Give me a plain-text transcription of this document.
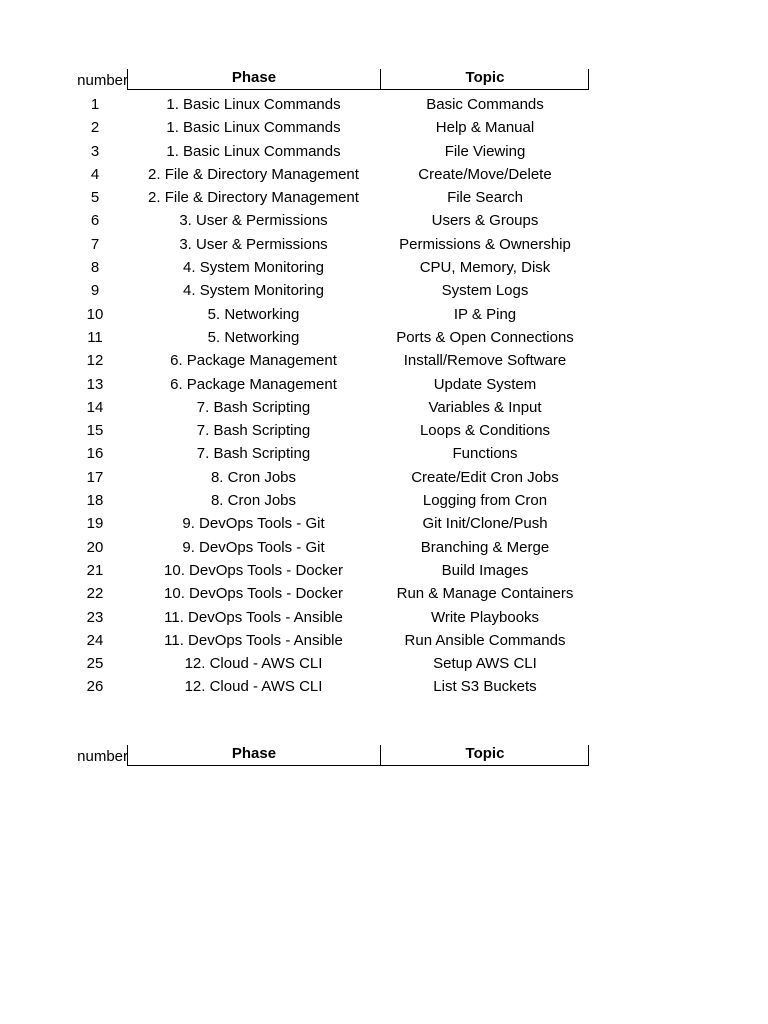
number	Phase	Topic
1	1. Basic Linux Commands	Basic Commands
2	1. Basic Linux Commands	Help & Manual
3	1. Basic Linux Commands	File Viewing
4	2. File & Directory Management	Create/Move/Delete
5	2. File & Directory Management	File Search
6	3. User & Permissions	Users & Groups
7	3. User & Permissions	Permissions & Ownership
8	4. System Monitoring	CPU, Memory, Disk
9	4. System Monitoring	System Logs
10	5. Networking	IP & Ping
11	5. Networking	Ports & Open Connections
12	6. Package Management	Install/Remove Software
13	6. Package Management	Update System
14	7. Bash Scripting	Variables & Input
15	7. Bash Scripting	Loops & Conditions
16	7. Bash Scripting	Functions
17	8. Cron Jobs	Create/Edit Cron Jobs
18	8. Cron Jobs	Logging from Cron
19	9. DevOps Tools - Git	Git Init/Clone/Push
20	9. DevOps Tools - Git	Branching & Merge
21	10. DevOps Tools - Docker	Build Images
22	10. DevOps Tools - Docker	Run & Manage Containers
23	11. DevOps Tools - Ansible	Write Playbooks
24	11. DevOps Tools - Ansible	Run Ansible Commands
25	12. Cloud - AWS CLI	Setup AWS CLI
26	12. Cloud - AWS CLI	List S3 Buckets
number	Phase	Topic
